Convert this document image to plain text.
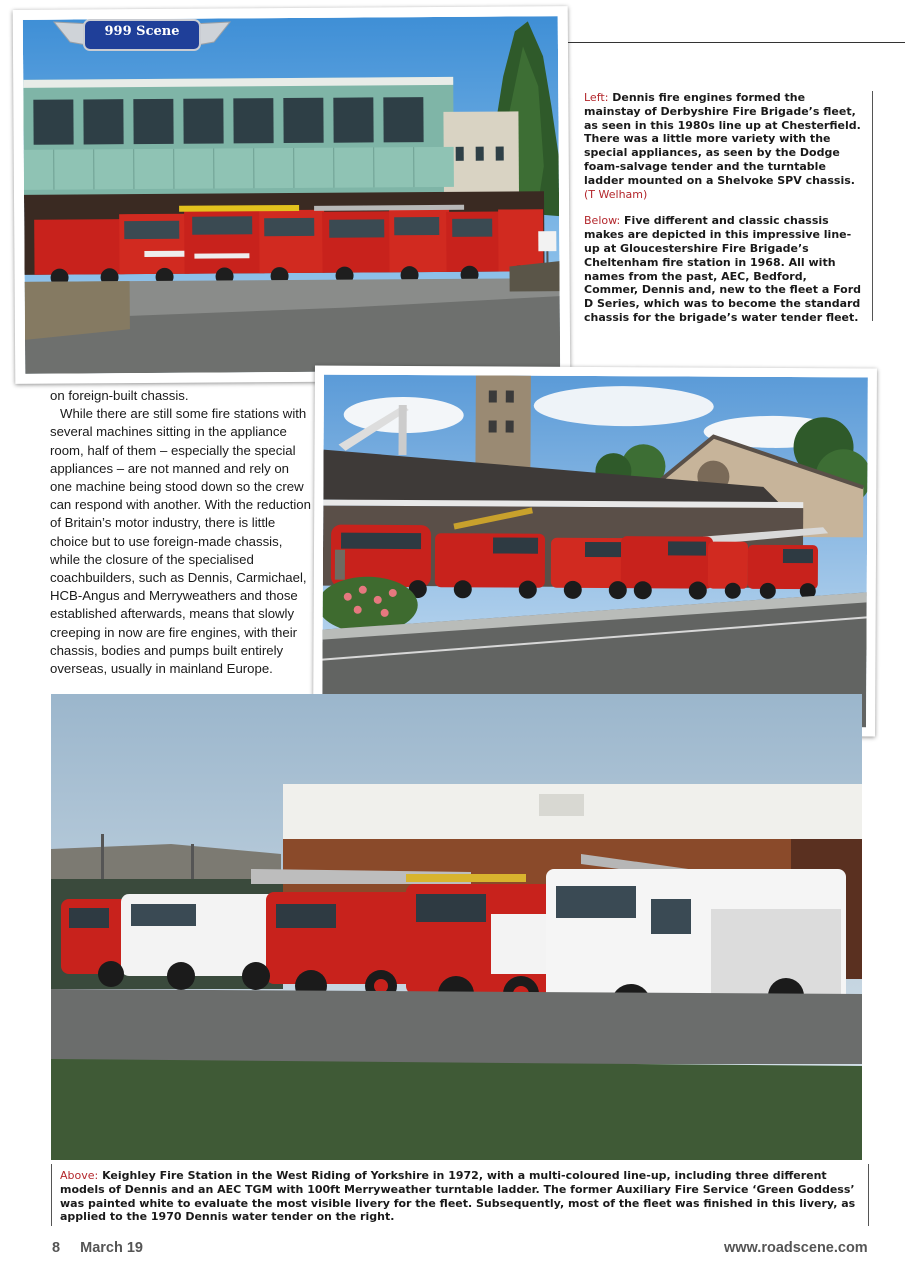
999 Scene

Left: Dennis fire engines formed the mainstay of Derbyshire Fire Brigade’s fleet, as seen in this 1980s line up at Chesterfield. There was a little more variety with the special appliances, as seen by the Dodge foam-salvage tender and the turntable ladder mounted on a Shelvoke SPV chassis. (T Welham)

Below: Five different and classic chassis makes are depicted in this impressive line-up at Gloucestershire Fire Brigade’s Cheltenham fire station in 1968. All with names from the past, AEC, Bedford, Commer, Dennis and, new to the fleet a Ford D Series, which was to become the standard chassis for the brigade’s water tender fleet.

on foreign-built chassis.

While there are still some fire stations with several machines sitting in the appliance room, half of them – especially the special appliances – are not manned and rely on one machine being stood down so the crew can respond with another. With the reduction of Britain’s motor industry, there is little choice but to use foreign-made chassis, while the closure of the specialised coachbuilders, such as Dennis, Carmichael, HCB-Angus and Merryweathers and those established afterwards, means that slowly creeping in now are fire engines, with their chassis, bodies and pumps built entirely overseas, usually in mainland Europe.

Above: Keighley Fire Station in the West Riding of Yorkshire in 1972, with a multi-coloured line-up, including three different models of Dennis and an AEC TGM with 100ft Merryweather turntable ladder. The former Auxiliary Fire Service ‘Green Goddess’ was painted white to evaluate the most visible livery for the fleet. Subsequently, most of the fleet was finished in this livery, as applied to the 1970 Dennis water tender on the right.

8 March 19	www.roadscene.com
